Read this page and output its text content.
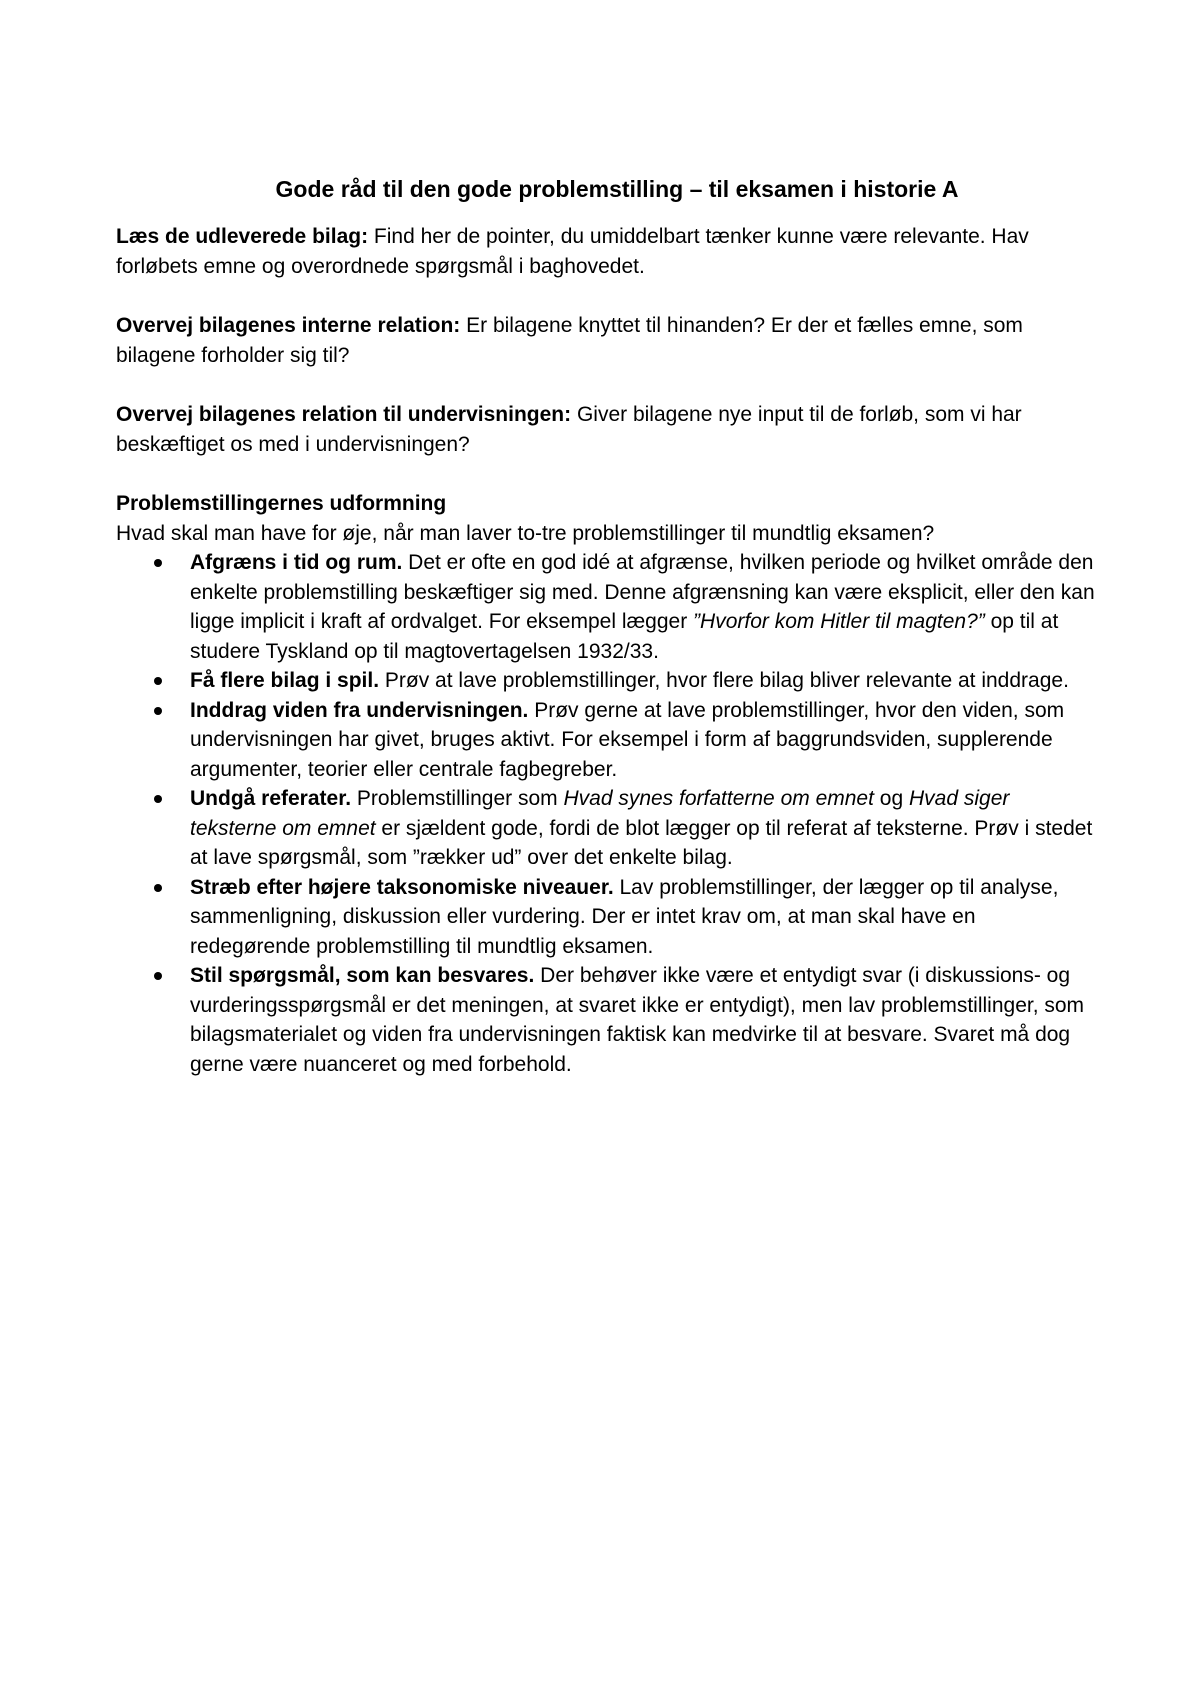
Gode råd til den gode problemstilling – til eksamen i historie A

Læs de udleverede bilag: Find her de pointer, du umiddelbart tænker kunne være relevante. Hav forløbets emne og overordnede spørgsmål i baghovedet.

Overvej bilagenes interne relation: Er bilagene knyttet til hinanden? Er der et fælles emne, som bilagene forholder sig til?

Overvej bilagenes relation til undervisningen: Giver bilagene nye input til de forløb, som vi har beskæftiget os med i undervisningen?

Problemstillingernes udformning

Hvad skal man have for øje, når man laver to-tre problemstillinger til mundtlig eksamen?

Afgræns i tid og rum. Det er ofte en god idé at afgrænse, hvilken periode og hvilket område den enkelte problemstilling beskæftiger sig med. Denne afgrænsning kan være eksplicit, eller den kan ligge implicit i kraft af ordvalget. For eksempel lægger ”Hvorfor kom Hitler til magten?” op til at studere Tyskland op til magtovertagelsen 1932/33.
Få flere bilag i spil. Prøv at lave problemstillinger, hvor flere bilag bliver relevante at inddrage.
Inddrag viden fra undervisningen. Prøv gerne at lave problemstillinger, hvor den viden, som undervisningen har givet, bruges aktivt. For eksempel i form af baggrundsviden, supplerende argumenter, teorier eller centrale fagbegreber.
Undgå referater. Problemstillinger som Hvad synes forfatterne om emnet og Hvad siger teksterne om emnet er sjældent gode, fordi de blot lægger op til referat af teksterne. Prøv i stedet at lave spørgsmål, som ”rækker ud” over det enkelte bilag.
Stræb efter højere taksonomiske niveauer. Lav problemstillinger, der lægger op til analyse, sammenligning, diskussion eller vurdering. Der er intet krav om, at man skal have en redegørende problemstilling til mundtlig eksamen.
Stil spørgsmål, som kan besvares. Der behøver ikke være et entydigt svar (i diskussions- og vurderingsspørgsmål er det meningen, at svaret ikke er entydigt), men lav problemstillinger, som bilagsmaterialet og viden fra undervisningen faktisk kan medvirke til at besvare. Svaret må dog gerne være nuanceret og med forbehold.
